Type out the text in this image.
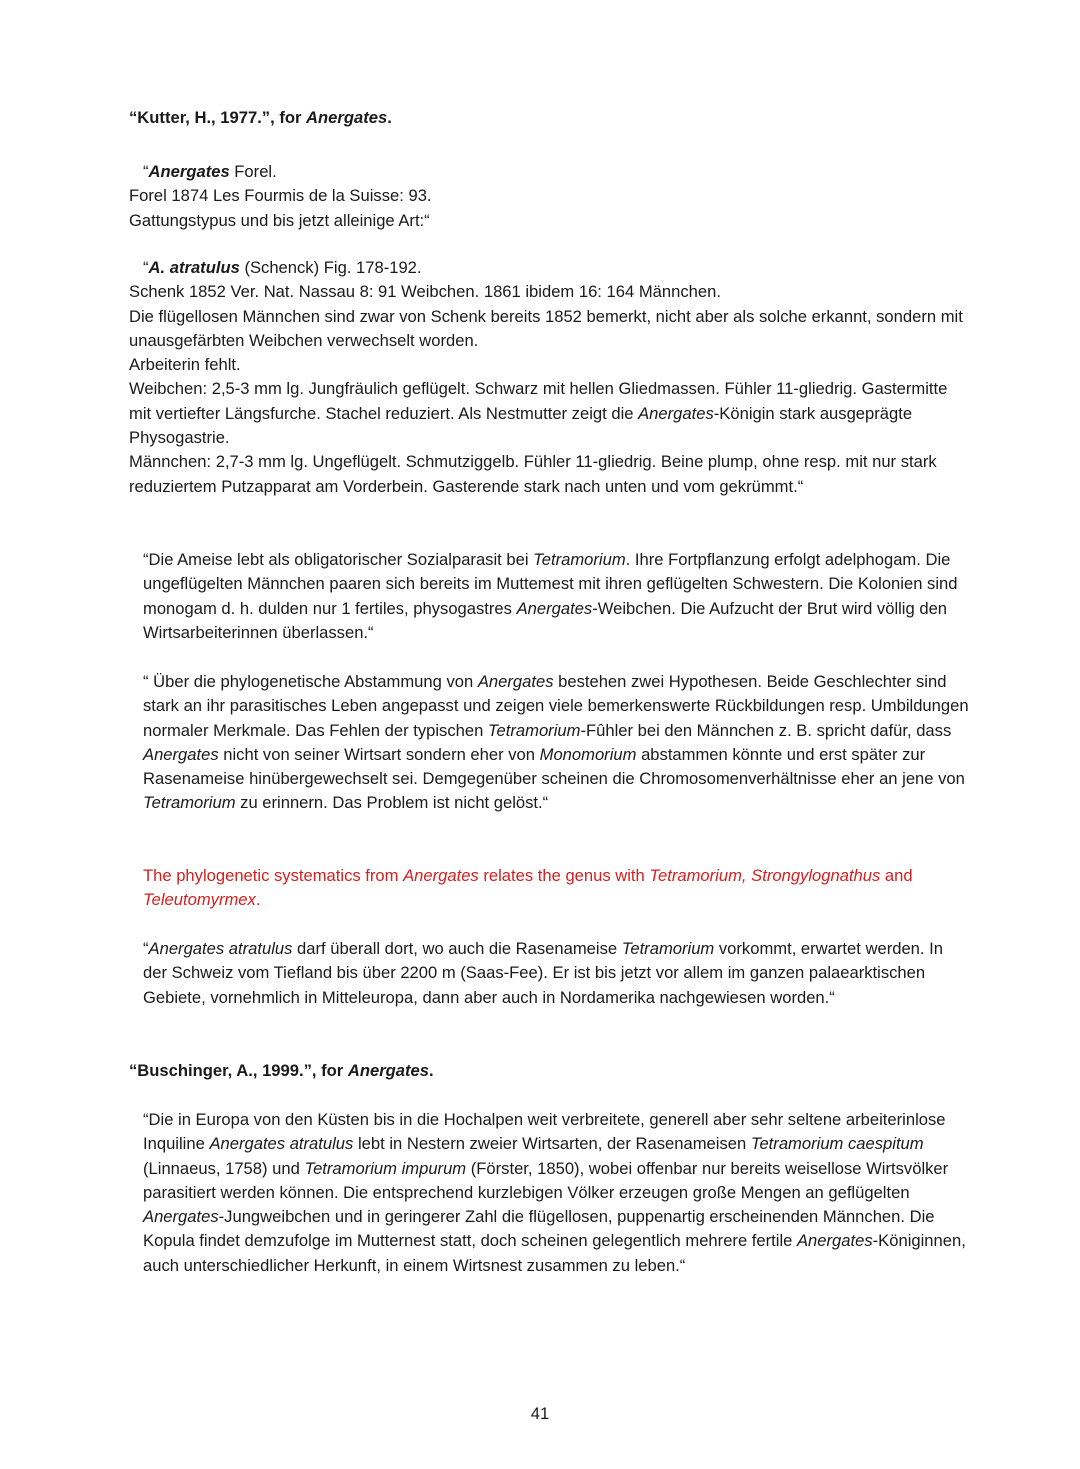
“Kutter, H., 1977.”, for Anergates.

“Anergates Forel.

Forel 1874 Les Fourmis de la Suisse: 93.

Gattungstypus und bis jetzt alleinige Art:“

“A. atratulus (Schenck) Fig. 178-192.

Schenk 1852 Ver. Nat. Nassau 8: 91 Weibchen. 1861 ibidem 16: 164 Männchen.

Die flügellosen Männchen sind zwar von Schenk bereits 1852 bemerkt, nicht aber als solche erkannt, sondern mit unausgefärbten Weibchen verwechselt worden.

Arbeiterin fehlt.

Weibchen: 2,5-3 mm lg. Jungfräulich geflügelt. Schwarz mit hellen Gliedmassen. Fühler 11-gliedrig. Gastermitte mit vertiefter Längsfurche. Stachel reduziert. Als Nestmutter zeigt die Anergates-Königin stark ausgeprägte Physogastrie.

Männchen: 2,7-3 mm lg. Ungeflügelt. Schmutziggelb. Fühler 11-gliedrig. Beine plump, ohne resp. mit nur stark reduziertem Putzapparat am Vorderbein. Gasterende stark nach unten und vom gekrümmt.“

“Die Ameise lebt als obligatorischer Sozialparasit bei Tetramorium. Ihre Fortpflanzung erfolgt adelphogam. Die ungeflügelten Männchen paaren sich bereits im Muttemest mit ihren geflügelten Schwestern. Die Kolonien sind monogam d. h. dulden nur 1 fertiles, physogastres Anergates-Weibchen. Die Aufzucht der Brut wird völlig den Wirtsarbeiterinnen überlassen.“

“ Über die phylogenetische Abstammung von Anergates bestehen zwei Hypothesen. Beide Geschlechter sind stark an ihr parasitisches Leben angepasst und zeigen viele bemerkenswerte Rückbildungen resp. Umbildungen normaler Merkmale. Das Fehlen der typischen Tetramorium-Fûhler bei den Männchen z. B. spricht dafür, dass Anergates nicht von seiner Wirtsart sondern eher von Monomorium abstammen könnte und erst später zur Rasenameise hinübergewechselt sei. Demgegenüber scheinen die Chromosomenverhältnisse eher an jene von Tetramorium zu erinnern. Das Problem ist nicht gelöst.“

The phylogenetic systematics from Anergates relates the genus with Tetramorium, Strongylognathus and Teleutomyrmex.

“Anergates atratulus darf überall dort, wo auch die Rasenameise Tetramorium vorkommt, erwartet werden. In der Schweiz vom Tiefland bis über 2200 m (Saas-Fee). Er ist bis jetzt vor allem im ganzen palaearktischen Gebiete, vornehmlich in Mitteleuropa, dann aber auch in Nordamerika nachgewiesen worden.“

“Buschinger, A., 1999.”, for Anergates.

“Die in Europa von den Küsten bis in die Hochalpen weit verbreitete, generell aber sehr seltene arbeiterinlose Inquiline Anergates atratulus lebt in Nestern zweier Wirtsarten, der Rasenameisen Tetramorium caespitum (Linnaeus, 1758) und Tetramorium impurum (Förster, 1850), wobei offenbar nur bereits weisellose Wirtsvölker parasitiert werden können. Die entsprechend kurzlebigen Völker erzeugen große Mengen an geflügelten Anergates-Jungweibchen und in geringerer Zahl die flügellosen, puppenartig erscheinenden Männchen. Die Kopula findet demzufolge im Mutternest statt, doch scheinen gelegentlich mehrere fertile Anergates-Königinnen, auch unterschiedlicher Herkunft, in einem Wirtsnest zusammen zu leben.“

41
